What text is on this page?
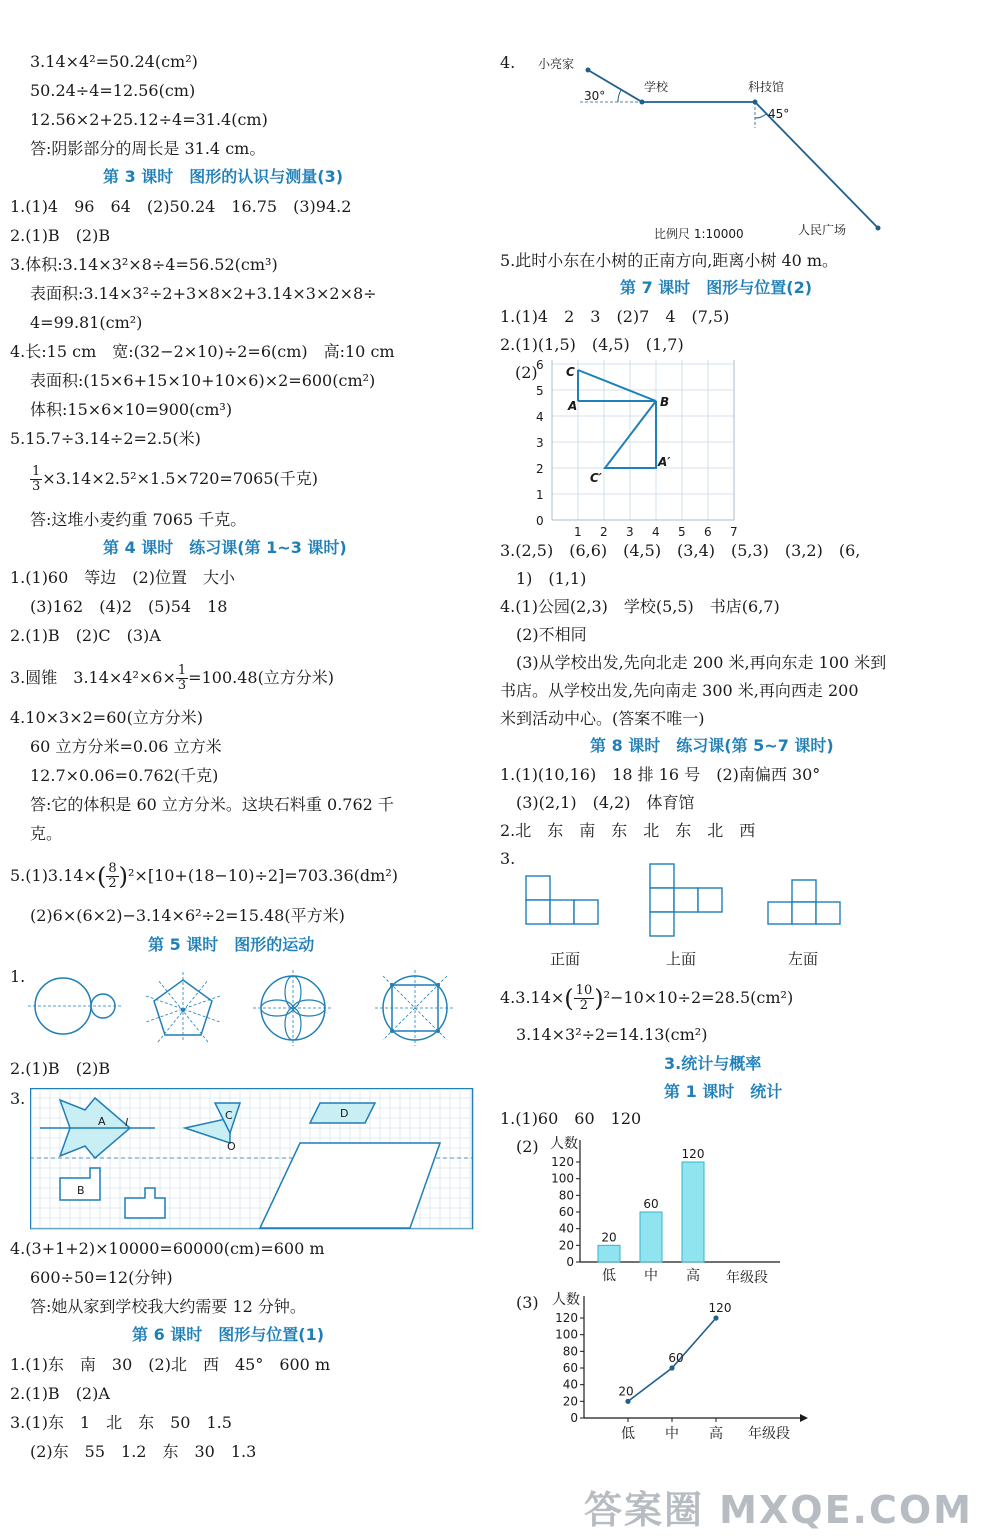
3.14×4²=50.24(cm²)
50.24÷4=12.56(cm)
12.56×2+25.12÷4=31.4(cm)
答:阴影部分的周长是 31.4 cm。
第 3 课时　图形的认识与测量(3)
1.(1)4　96　64　(2)50.24　16.75　(3)94.2
2.(1)B　(2)B
3.体积:3.14×3²×8÷4=56.52(cm³)
表面积:3.14×3²÷2+3×8×2+3.14×3×2×8÷
4=99.81(cm²)
4.长:15 cm　宽:(32−2×10)÷2=6(cm)　高:10 cm
表面积:(15×6+15×10+10×6)×2=600(cm²)
体积:15×6×10=900(cm³)
5.15.7÷3.14÷2=2.5(米)
$\frac{1}{3} \times 3.14\times 2.5^2\times 1.5\times 720=7065$(千克)
答:这堆小麦约重 7065 千克。
第 4 课时　练习课(第 1~3 课时)
1.(1)60　等边　(2)位置　大小
(3)162　(4)2　(5)54　18
2.(1)B　(2)C　(3)A
3.圆锥　$3.14\times 4^2\times 6\times \frac{1}{3} =100.48$(立方分米)
4.10×3×2=60(立方分米)
60 立方分米=0.06 立方米
12.7×0.06=0.762(千克)
答:它的体积是 60 立方分米。这块石料重 0.762 千
克。
$5.(1)3.14\times( \frac{8}{2} )^2\times[10+(18-10)\div 2]=703.36(dm^2)$
(2)6×(6×2)−3.14×6²÷2=15.48(平方米)
第 5 课时　图形的运动
1.
2.(1)B　(2)B
3.
A l
C
O
D
B
4.(3+1+2)×10000=60000(cm)=600 m
600÷50=12(分钟)
答:她从家到学校我大约需要 12 分钟。
第 6 课时　图形与位置(1)
1.(1)东　南　30　(2)北　西　45°　600 m
2.(1)B　(2)A
3.(1)东　1　北　东　50　1.5
(2)东　55　1.2　东　30　1.3
4. 小亮家
学校	科技馆
人民广场
30°
45°
比例尺 1:10000
5.此时小东在小树的正南方向,距离小树 40 m。
第 7 课时　图形与位置(2)
1.(1)4　2　3　(2)7　4　(7,5)
2.(1)(1,5)　(4,5)　(1,7)
(2)
6
5
4
3
2
1
0
1 2 3 4 5 6 7
C
A	B
C′
A′
3.(2,5)　(6,6)　(4,5)　(3,4)　(5,3)　(3,2)　(6,
1)　(1,1)
4.(1)公园(2,3)　学校(5,5)　书店(6,7)
(2)不相同
(3)从学校出发,先向北走 200 米,再向东走 100 米到
书店。从学校出发,先向南走 300 米,再向西走 200
米到活动中心。(答案不唯一)
第 8 课时　练习课(第 5~7 课时)
1.(1)(10,16)　18 排 16 号　(2)南偏西 30°
(3)(2,1)　(4,2)　体育馆
2.北　东　南　东　北　东　北　西
3.
正面	上面	左面
$4.3.14\times( \frac{10}{2} )^2-10\times 10\div 2=28.5(cm^2)$
3.14×3²÷2=14.13(cm²)
3.统计与概率
第 1 课时　统计
1.(1)60　60　120
(2) 人数
年级段
120
100
80
60
40
20
0
20
低
60
中
120
高
(3) 人数
年级段
120
100
80
60
40
20
0
20
低
60
中
120
高
答案圈 MXQE.COM
